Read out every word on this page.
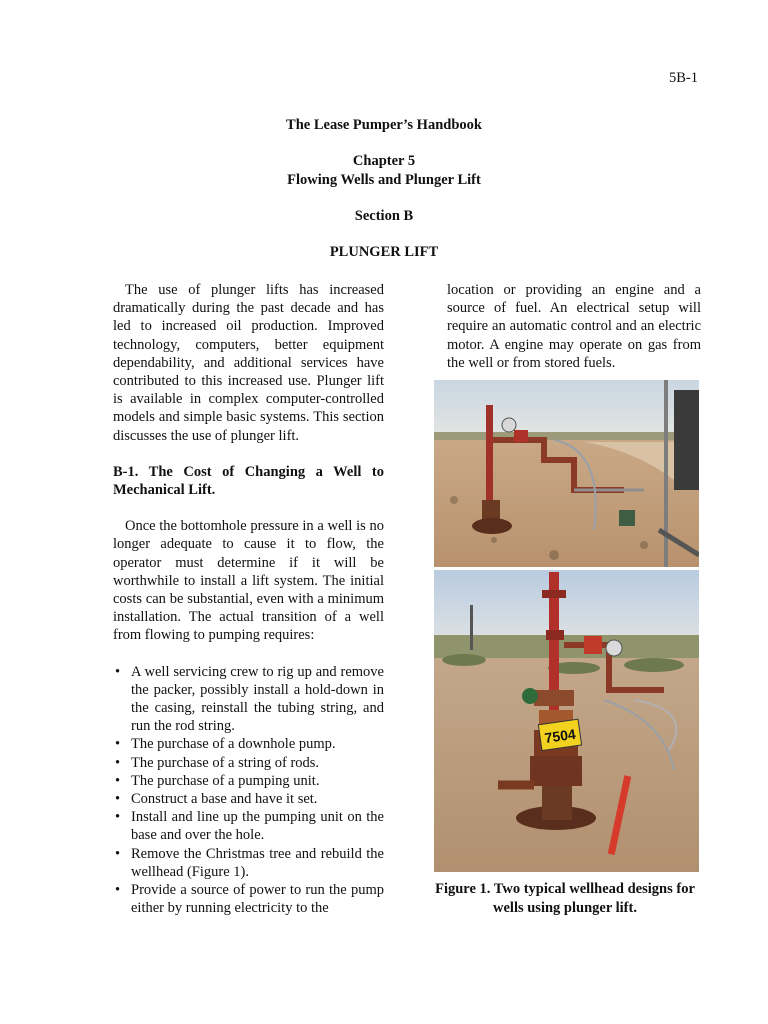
5B-1
The Lease Pumper’s Handbook
Chapter 5
Flowing Wells and Plunger Lift
Section B
PLUNGER LIFT

The use of plunger lifts has increased dramatically during the past decade and has led to increased oil production. Improved technology, computers, better equipment dependability, and additional services have contributed to this increased use. Plunger lift is available in complex computer-controlled models and simple basic systems. This section discusses the use of plunger lift.

B-1. The Cost of Changing a Well to Mechanical Lift.

Once the bottomhole pressure in a well is no longer adequate to cause it to flow, the operator must determine if it will be worthwhile to install a lift system. The initial costs can be substantial, even with a minimum installation. The actual transition of a well from flowing to pumping requires:

• A well servicing crew to rig up and remove the packer, possibly install a hold-down in the casing, reinstall the tubing string, and run the rod string.
• The purchase of a downhole pump.
• The purchase of a string of rods.
• The purchase of a pumping unit.
• Construct a base and have it set.
• Install and line up the pumping unit on the base and over the hole.
• Remove the Christmas tree and rebuild the wellhead (Figure 1).
• Provide a source of power to run the pump either by running electricity to the

location or providing an engine and a source of fuel. An electrical setup will require an automatic control and an electric motor. A engine may operate on gas from the well or from stored fuels.

7504
Figure 1. Two typical wellhead designs for wells using plunger lift.
